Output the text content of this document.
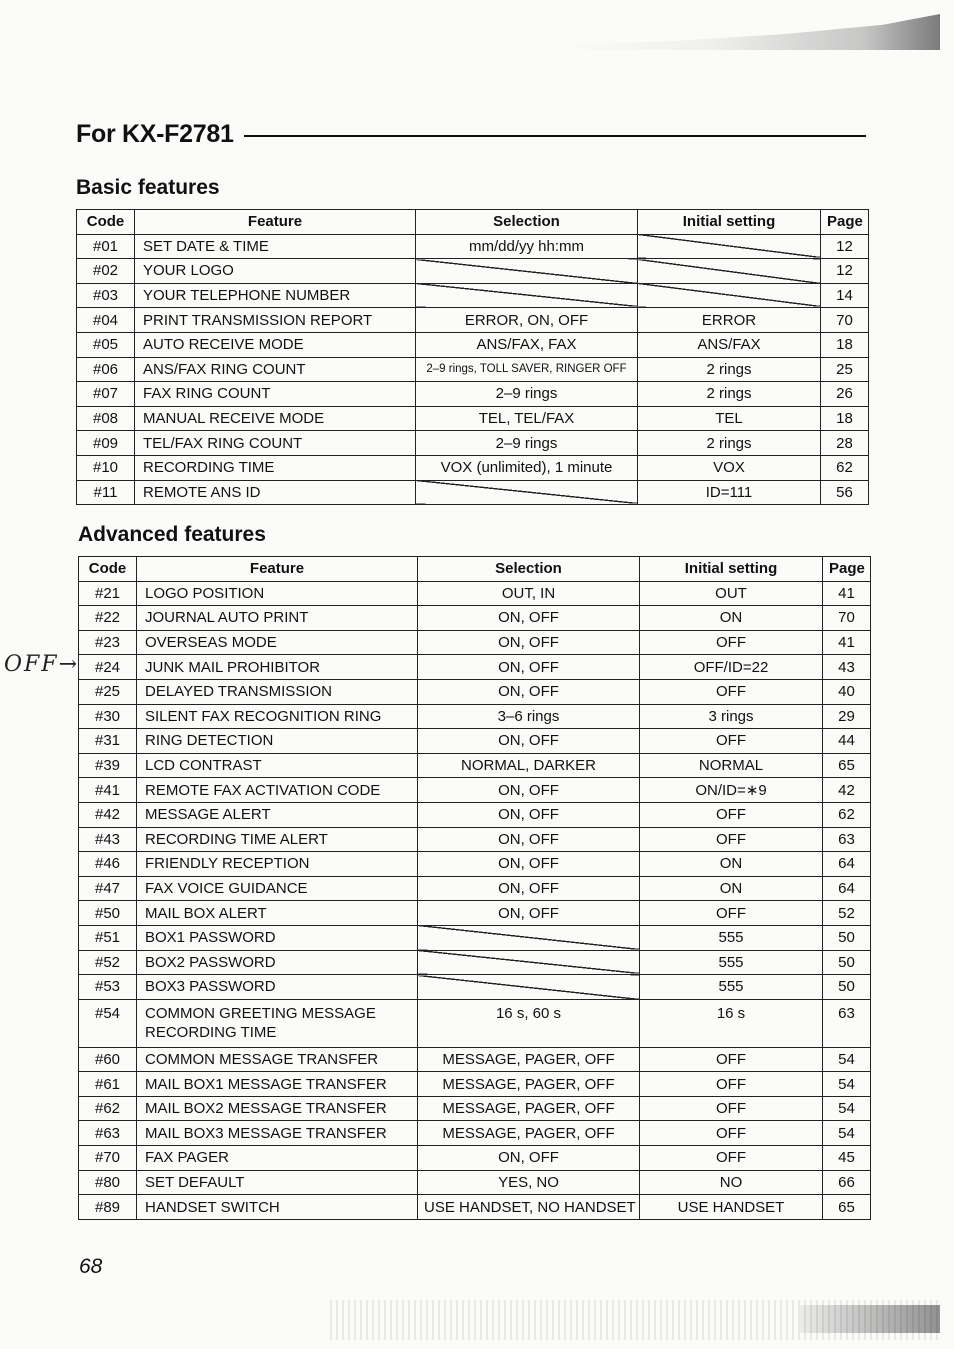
For KX-F2781
Basic features
Code	Feature	Selection	Initial setting	Page
#01	SET DATE & TIME	mm/dd/yy hh:mm		12
#02	YOUR LOGO			12
#03	YOUR TELEPHONE NUMBER			14
#04	PRINT TRANSMISSION REPORT	ERROR, ON, OFF	ERROR	70
#05	AUTO RECEIVE MODE	ANS/FAX, FAX	ANS/FAX	18
#06	ANS/FAX RING COUNT	2–9 rings, TOLL SAVER, RINGER OFF	2 rings	25
#07	FAX RING COUNT	2–9 rings	2 rings	26
#08	MANUAL RECEIVE MODE	TEL, TEL/FAX	TEL	18
#09	TEL/FAX RING COUNT	2–9 rings	2 rings	28
#10	RECORDING TIME	VOX (unlimited), 1 minute	VOX	62
#11	REMOTE ANS ID		ID=111	56
Advanced features
Code	Feature	Selection	Initial setting	Page
#21	LOGO POSITION	OUT, IN	OUT	41
#22	JOURNAL AUTO PRINT	ON, OFF	ON	70
#23	OVERSEAS MODE	ON, OFF	OFF	41
#24	JUNK MAIL PROHIBITOR	ON, OFF	OFF/ID=22	43
#25	DELAYED TRANSMISSION	ON, OFF	OFF	40
#30	SILENT FAX RECOGNITION RING	3–6 rings	3 rings	29
#31	RING DETECTION	ON, OFF	OFF	44
#39	LCD CONTRAST	NORMAL, DARKER	NORMAL	65
#41	REMOTE FAX ACTIVATION CODE	ON, OFF	ON/ID=∗9	42
#42	MESSAGE ALERT	ON, OFF	OFF	62
#43	RECORDING TIME ALERT	ON, OFF	OFF	63
#46	FRIENDLY RECEPTION	ON, OFF	ON	64
#47	FAX VOICE GUIDANCE	ON, OFF	ON	64
#50	MAIL BOX ALERT	ON, OFF	OFF	52
#51	BOX1 PASSWORD		555	50
#52	BOX2 PASSWORD		555	50
#53	BOX3 PASSWORD		555	50
#54	COMMON GREETING MESSAGE RECORDING TIME	16 s, 60 s	16 s	63
#60	COMMON MESSAGE TRANSFER	MESSAGE, PAGER, OFF	OFF	54
#61	MAIL BOX1 MESSAGE TRANSFER	MESSAGE, PAGER, OFF	OFF	54
#62	MAIL BOX2 MESSAGE TRANSFER	MESSAGE, PAGER, OFF	OFF	54
#63	MAIL BOX3 MESSAGE TRANSFER	MESSAGE, PAGER, OFF	OFF	54
#70	FAX PAGER	ON, OFF	OFF	45
#80	SET DEFAULT	YES, NO	NO	66
#89	HANDSET SWITCH	USE HANDSET, NO HANDSET	USE HANDSET	65
OFF→
68
